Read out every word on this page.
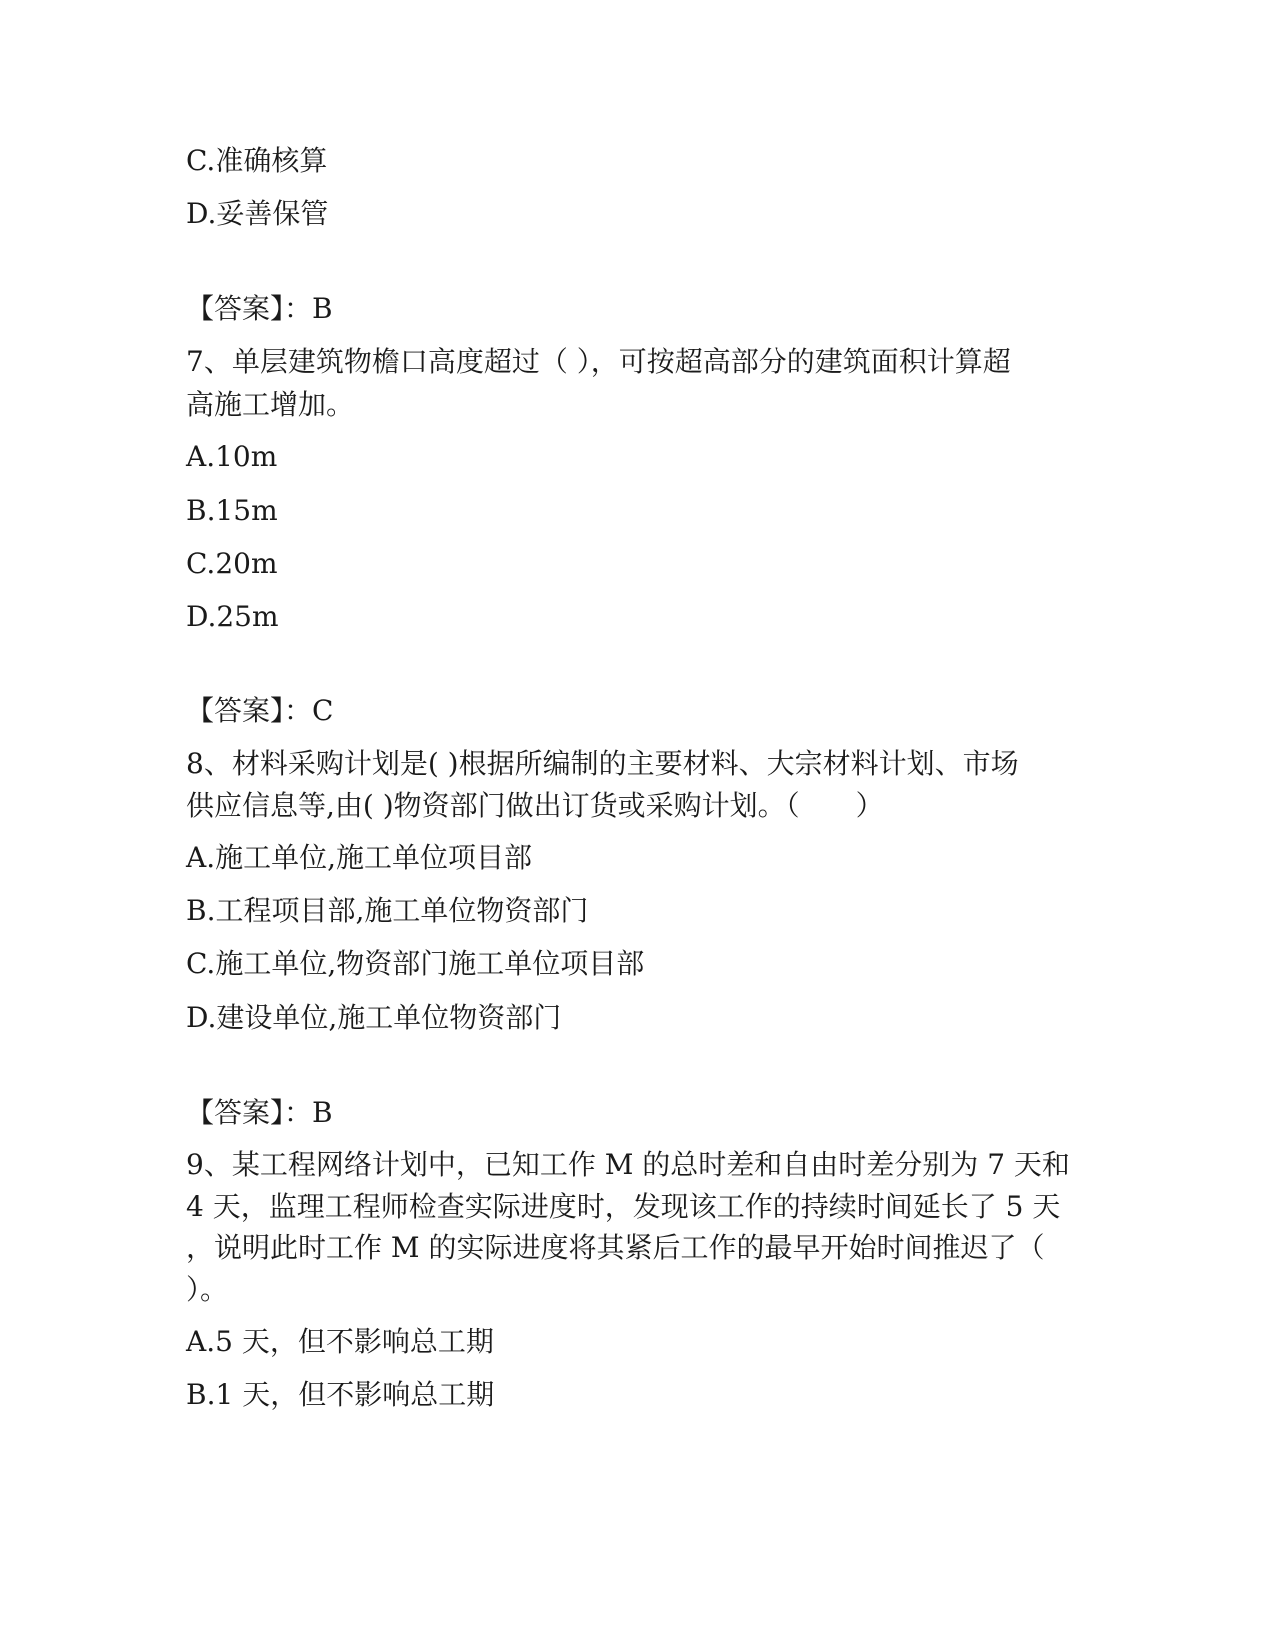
C.准确核算
D.妥善保管
【答案】：B
7、单层建筑物檐口高度超过（ ），可按超高部分的建筑面积计算超
高施工增加。
A.10m
B.15m
C.20m
D.25m
【答案】：C
8、材料采购计划是( )根据所编制的主要材料、大宗材料计划、市场
供应信息等,由( )物资部门做出订货或采购计划。（　　）
A.施工单位,施工单位项目部
B.工程项目部,施工单位物资部门
C.施工单位,物资部门施工单位项目部
D.建设单位,施工单位物资部门
【答案】：B
9、某工程网络计划中，已知工作 M 的总时差和自由时差分别为 7 天和
4 天，监理工程师检查实际进度时，发现该工作的持续时间延长了 5 天
，说明此时工作 M 的实际进度将其紧后工作的最早开始时间推迟了（
）。
A.5 天，但不影响总工期
B.1 天，但不影响总工期
